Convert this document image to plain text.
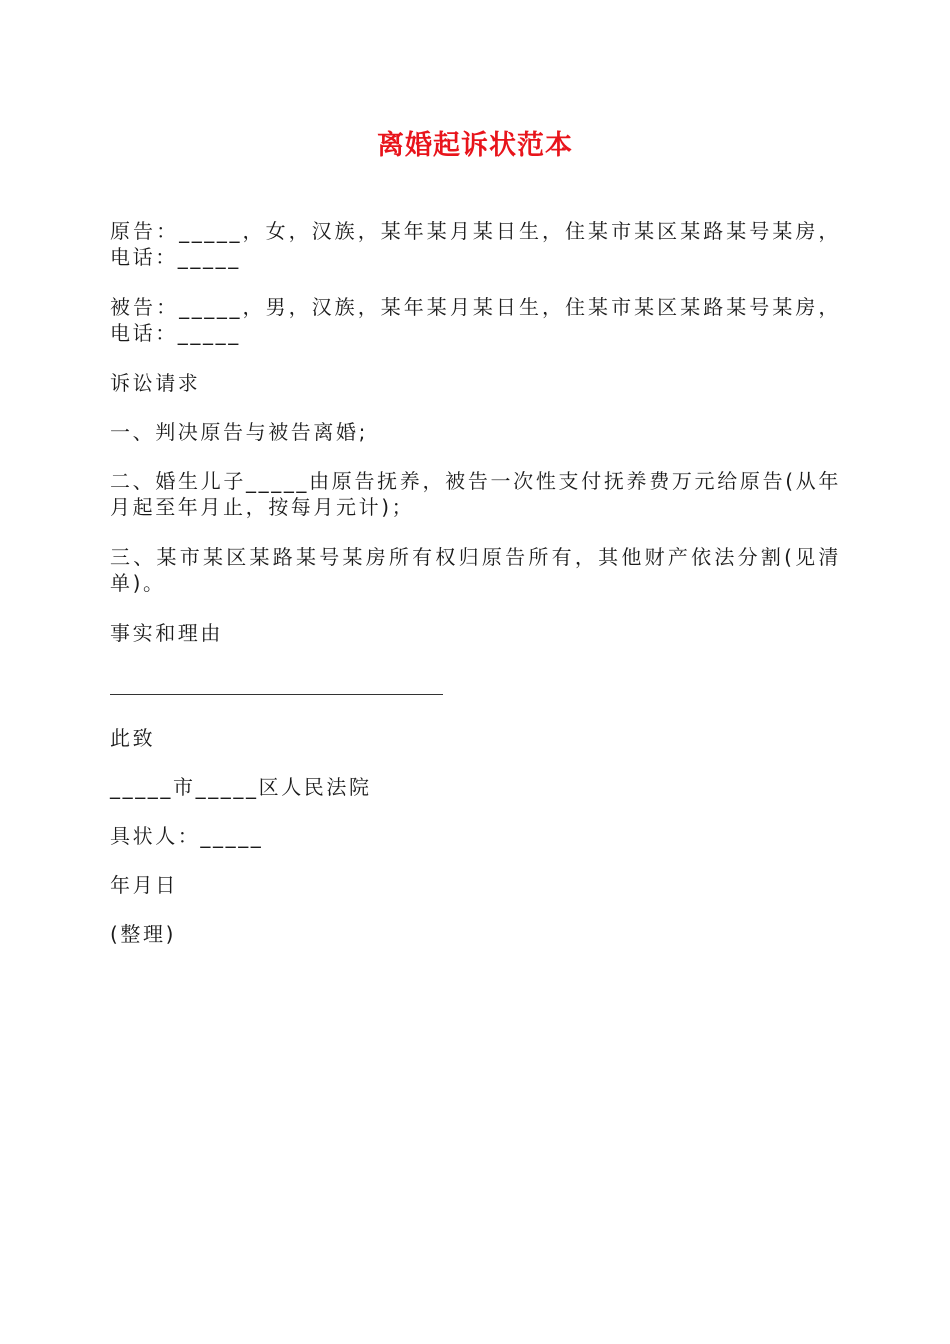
离婚起诉状范本

原告：_____，女，汉族，某年某月某日生，住某市某区某路某号某房，电话：_____

被告：_____，男，汉族，某年某月某日生，住某市某区某路某号某房，电话：_____

诉讼请求

一、判决原告与被告离婚;

二、婚生儿子_____由原告抚养，被告一次性支付抚养费万元给原告(从年月起至年月止，按每月元计)；

三、某市某区某路某号某房所有权归原告所有，其他财产依法分割(见清单)。

事实和理由

此致

_____市_____区人民法院

具状人：_____

年月日

(整理)
